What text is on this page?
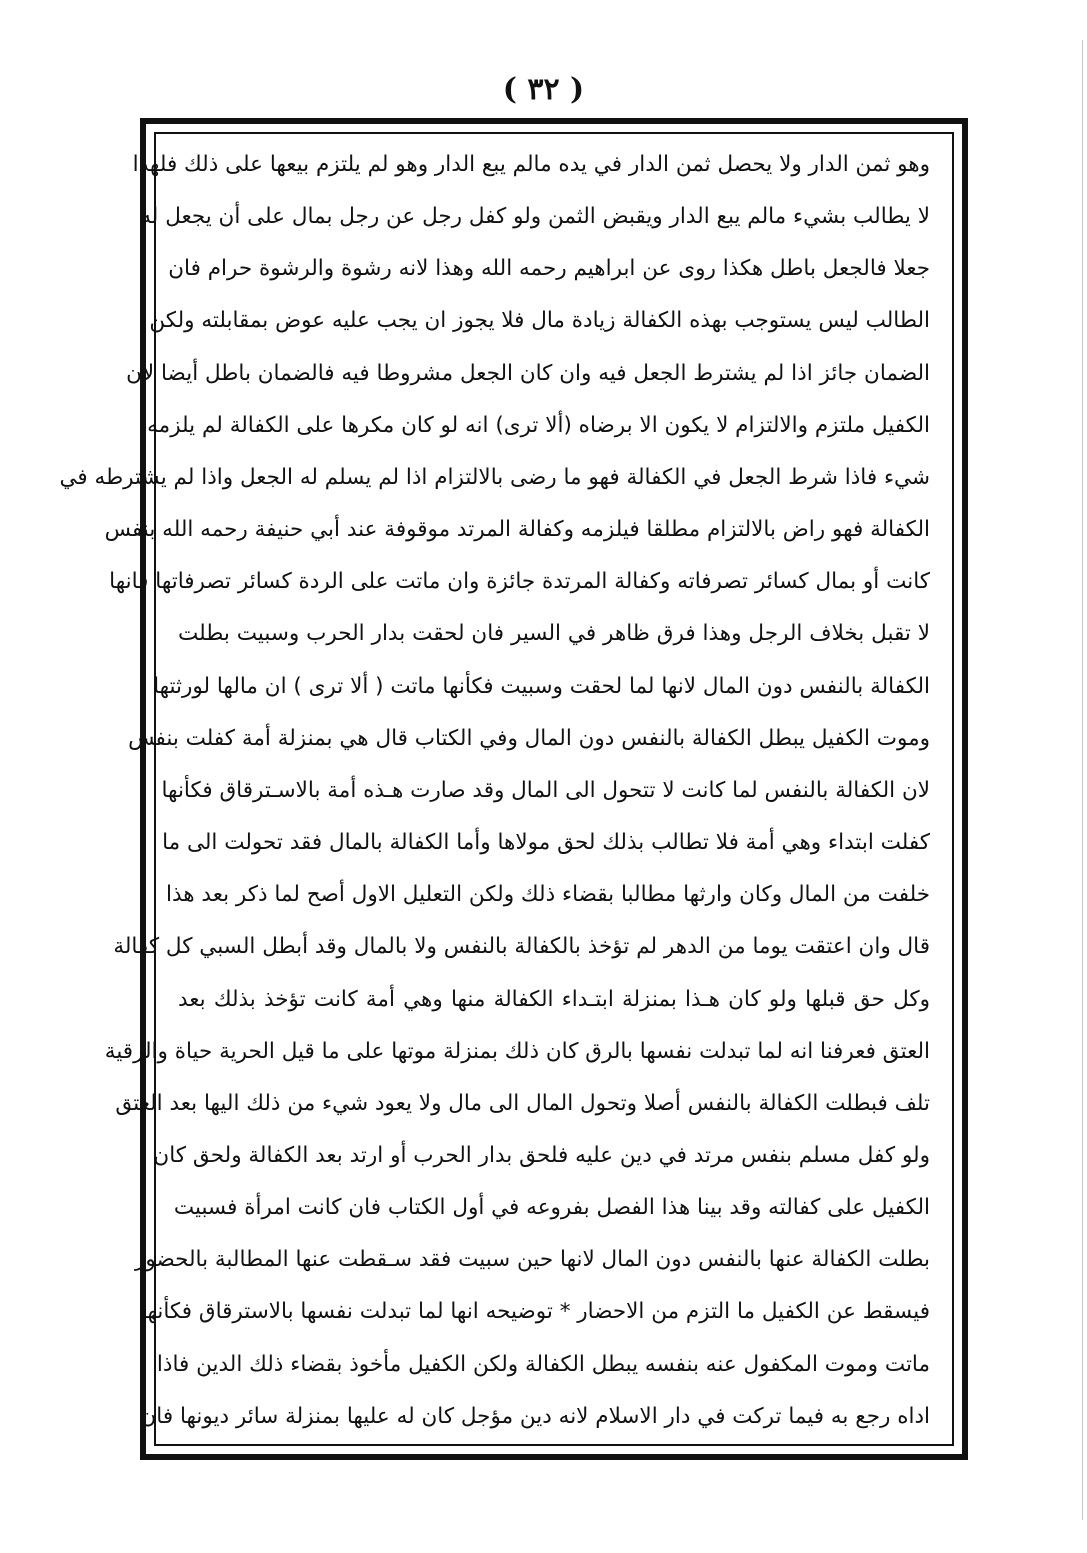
( ٣٢ )
وهو ثمن الدار ولا يحصل ثمن الدار في يده مالم يبع الدار وهو لم يلتزم بيعها على ذلك فلهذا
لا يطالب بشيء مالم يبع الدار ويقبض الثمن ولو كفل رجل عن رجل بمال على أن يجعل له
جعلا فالجعل باطل هكذا روى عن ابراهيم رحمه الله وهذا لانه رشوة والرشوة حرام فان
الطالب ليس يستوجب بهذه الكفالة زيادة مال فلا يجوز ان يجب عليه عوض بمقابلته ولكن
الضمان جائز اذا لم يشترط الجعل فيه وان كان الجعل مشروطا فيه فالضمان باطل أيضا لان
الكفيل ملتزم والالتزام لا يكون الا برضاه (ألا ترى) انه لو كان مكرها على الكفالة لم يلزمه
شيء فاذا شرط الجعل في الكفالة فهو ما رضى بالالتزام اذا لم يسلم له الجعل واذا لم يشترطه في
الكفالة فهو راض بالالتزام مطلقا فيلزمه وكفالة المرتد موقوفة عند أبي حنيفة رحمه الله بنفس
كانت أو بمال كسائر تصرفاته وكفالة المرتدة جائزة وان ماتت على الردة كسائر تصرفاتها فانها
لا تقبل بخلاف الرجل وهذا فرق ظاهر في السير فان لحقت بدار الحرب وسبيت بطلت
الكفالة بالنفس دون المال لانها لما لحقت وسبيت فكأنها ماتت ( ألا ترى ) ان مالها لورثتها
وموت الكفيل يبطل الكفالة بالنفس دون المال وفي الكتاب قال هي بمنزلة أمة كفلت بنفس
لان الكفالة بالنفس لما كانت لا تتحول الى المال وقد صارت هـذه أمة بالاسـترقاق فكأنها
كفلت ابتداء وهي أمة فلا تطالب بذلك لحق مولاها وأما الكفالة بالمال فقد تحولت الى ما
خلفت من المال وكان وارثها مطالبا بقضاء ذلك ولكن التعليل الاول أصح لما ذكر بعد هذا
قال وان اعتقت يوما من الدهر لم تؤخذ بالكفالة بالنفس ولا بالمال وقد أبطل السبي كل كفالة
وكل حق قبلها ولو كان هـذا بمنزلة ابتـداء الكفالة منها وهي أمة كانت تؤخذ بذلك بعد
العتق فعرفنا انه لما تبدلت نفسها بالرق كان ذلك بمنزلة موتها على ما قيل الحرية حياة والرقية
تلف فبطلت الكفالة بالنفس أصلا وتحول المال الى مال ولا يعود شيء من ذلك اليها بعد العتق
ولو كفل مسلم بنفس مرتد في دين عليه فلحق بدار الحرب أو ارتد بعد الكفالة ولحق كان
الكفيل على كفالته وقد بينا هذا الفصل بفروعه في أول الكتاب فان كانت امرأة فسبيت
بطلت الكفالة عنها بالنفس دون المال لانها حين سبيت فقد سـقطت عنها المطالبة بالحضور
فيسقط عن الكفيل ما التزم من الاحضار * توضيحه انها لما تبدلت نفسها بالاسترقاق فكأنها
ماتت وموت المكفول عنه بنفسه يبطل الكفالة ولكن الكفيل مأخوذ بقضاء ذلك الدين فاذا
اداه رجع به فيما تركت في دار الاسلام لانه دين مؤجل كان له عليها بمنزلة سائر ديونها فان
